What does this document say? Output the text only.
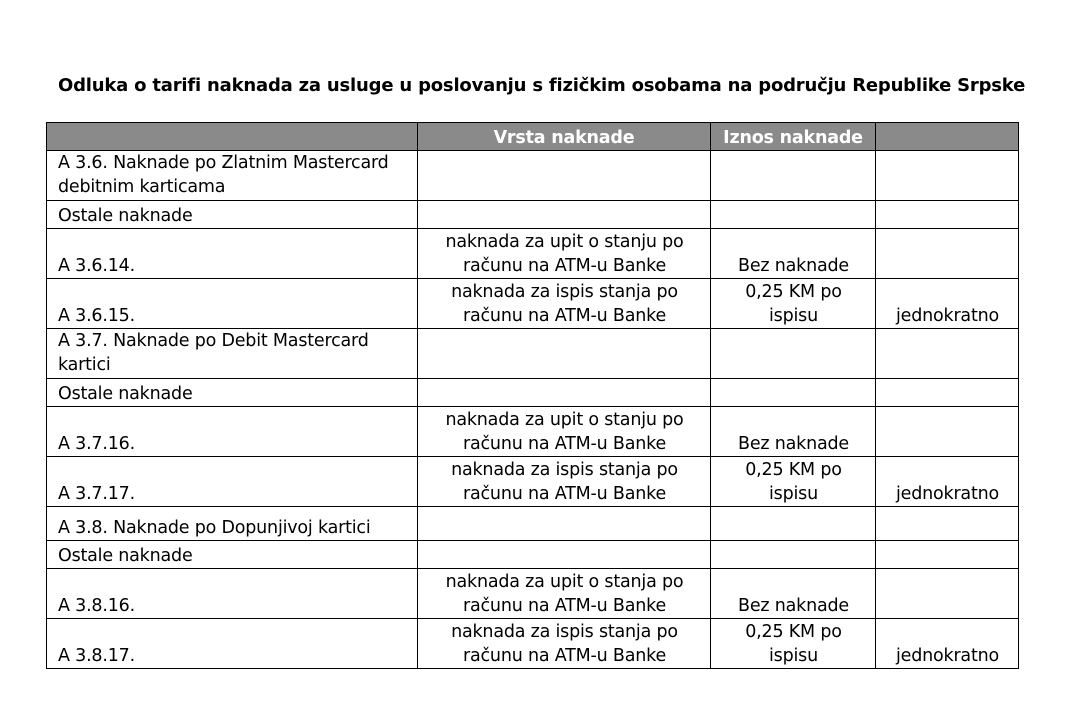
Odluka o tarifi naknada za usluge u poslovanju s fizičkim osobama na području Republike Srpske
	Vrsta naknade	Iznos naknade	
A 3.6. Naknade po Zlatnim Mastercard debitnim karticama			
Ostale naknade			
A 3.6.14.	naknada za upit o stanju po računu na ATM-u Banke	Bez naknade	
A 3.6.15.	naknada za ispis stanja po računu na ATM-u Banke	0,25 KM po ispisu	jednokratno
A 3.7. Naknade po Debit Mastercard kartici			
Ostale naknade			
A 3.7.16.	naknada za upit o stanju po računu na ATM-u Banke	Bez naknade	
A 3.7.17.	naknada za ispis stanja po računu na ATM-u Banke	0,25 KM po ispisu	jednokratno
A 3.8. Naknade po Dopunjivoj kartici			
Ostale naknade			
A 3.8.16.	naknada za upit o stanja po računu na ATM-u Banke	Bez naknade	
A 3.8.17.	naknada za ispis stanja po računu na ATM-u Banke	0,25 KM po ispisu	jednokratno
